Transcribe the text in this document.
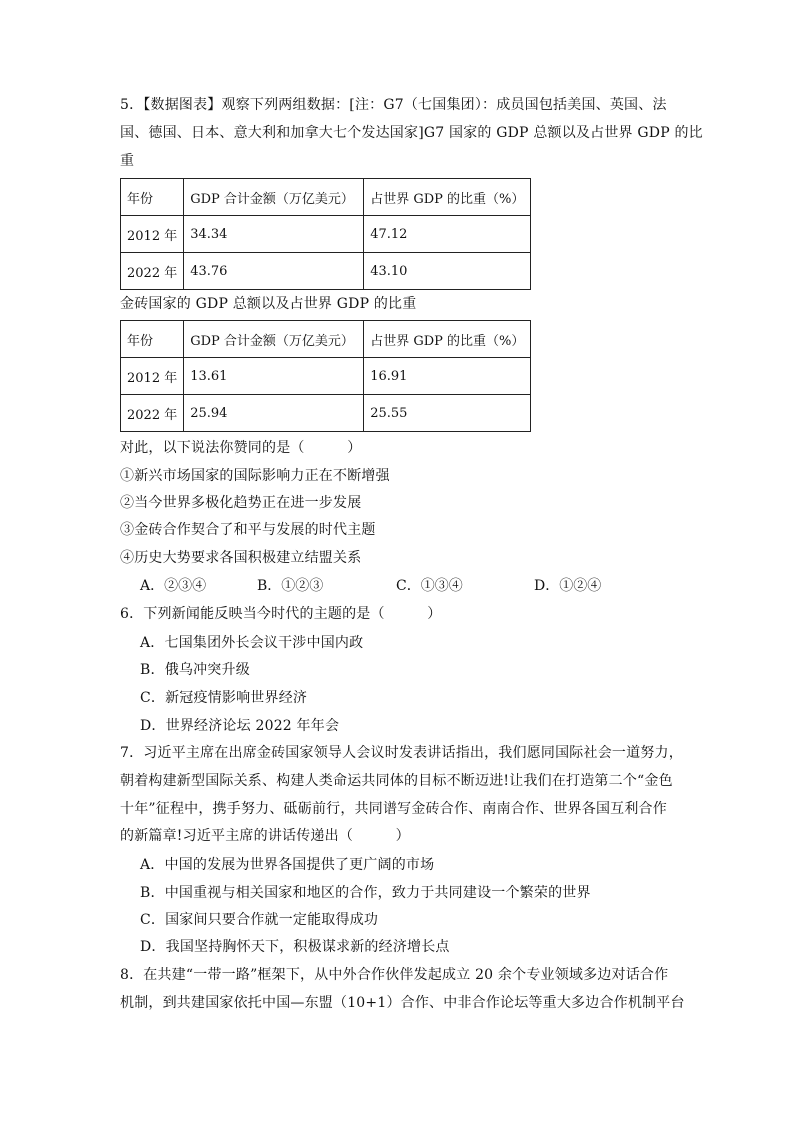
5．【数据图表】观察下列两组数据：[注：G7（七国集团）：成员国包括美国、英国、法
国、德国、日本、意大利和加拿大七个发达国家]G7 国家的 GDP 总额以及占世界 GDP 的比
重
年份	GDP 合计金额（万亿美元）	占世界 GDP 的比重（%）
2012 年	34.34	47.12
2022 年	43.76	43.10
金砖国家的 GDP 总额以及占世界 GDP 的比重
年份	GDP 合计金额（万亿美元）	占世界 GDP 的比重（%）
2012 年	13.61	16.91
2022 年	25.94	25.55
对此，以下说法你赞同的是（　　　）
①新兴市场国家的国际影响力正在不断增强
②当今世界多极化趋势正在进一步发展
③金砖合作契合了和平与发展的时代主题
④历史大势要求各国积极建立结盟关系
A．②③④	B．①②③	C．①③④	D．①②④
6．下列新闻能反映当今时代的主题的是（　　　）
A．七国集团外长会议干涉中国内政
B．俄乌冲突升级
C．新冠疫情影响世界经济
D．世界经济论坛 2022 年年会
7．习近平主席在出席金砖国家领导人会议时发表讲话指出，我们愿同国际社会一道努力，
朝着构建新型国际关系、构建人类命运共同体的目标不断迈进!让我们在打造第二个“金色
十年”征程中，携手努力、砥砺前行，共同谱写金砖合作、南南合作、世界各国互利合作
的新篇章!习近平主席的讲话传递出（　　　）
A．中国的发展为世界各国提供了更广阔的市场
B．中国重视与相关国家和地区的合作，致力于共同建设一个繁荣的世界
C．国家间只要合作就一定能取得成功
D．我国坚持胸怀天下，积极谋求新的经济增长点
8．在共建“一带一路”框架下，从中外合作伙伴发起成立 20 余个专业领域多边对话合作
机制，到共建国家依托中国—东盟（10+1）合作、中非合作论坛等重大多边合作机制平台
